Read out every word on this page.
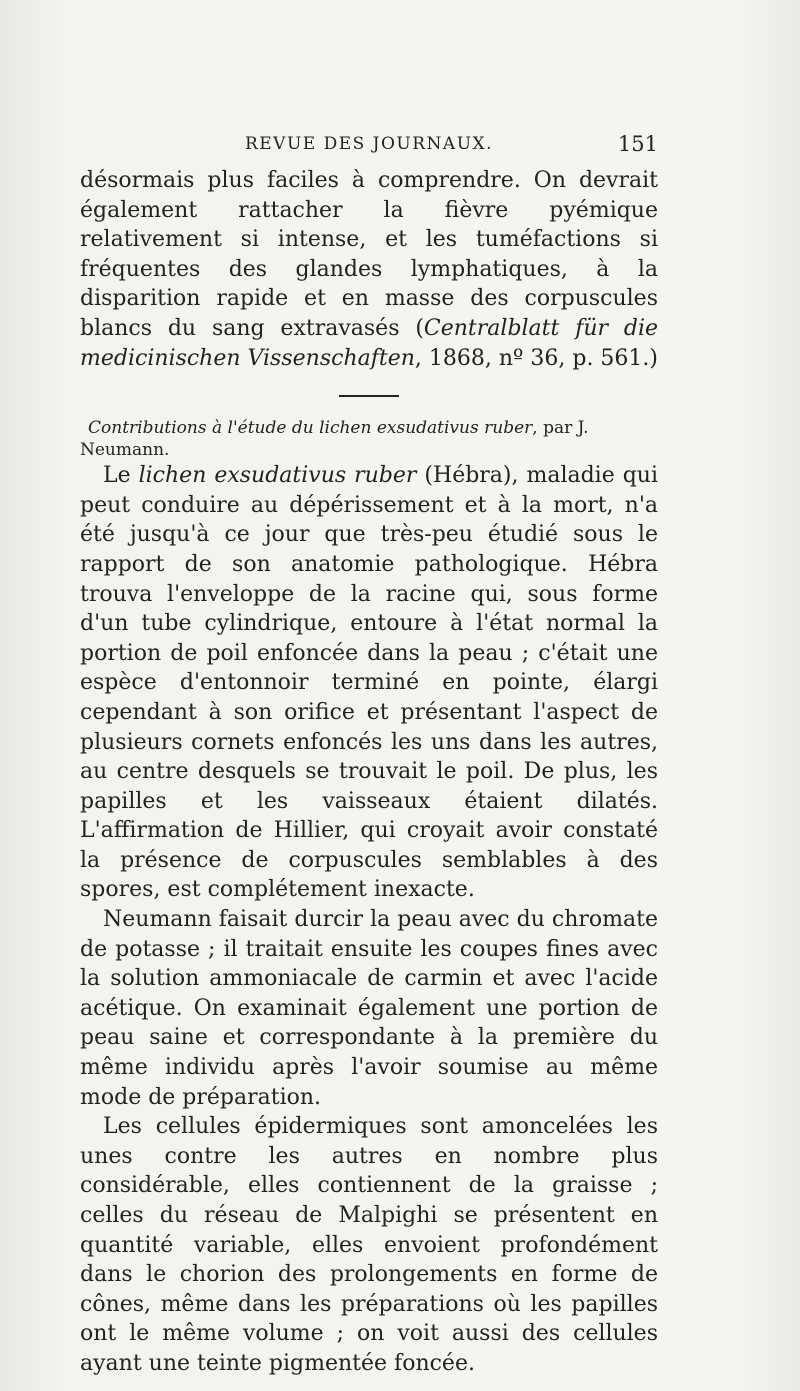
REVUE DES JOURNAUX.	151

désormais plus faciles à comprendre. On devrait également rattacher la fièvre pyémique relativement si intense, et les tuméfactions si fréquentes des glandes lymphatiques, à la disparition rapide et en masse des corpuscules blancs du sang extravasés (Centralblatt für die medicinischen Vissenschaften, 1868, nº 36, p. 561.)

Contributions à l'étude du lichen exsudativus ruber, par J. Neumann.

Le lichen exsudativus ruber (Hébra), maladie qui peut conduire au dépérissement et à la mort, n'a été jusqu'à ce jour que très-peu étudié sous le rapport de son anatomie pathologique. Hébra trouva l'enveloppe de la racine qui, sous forme d'un tube cylindrique, entoure à l'état normal la portion de poil enfoncée dans la peau ; c'était une espèce d'entonnoir terminé en pointe, élargi cependant à son orifice et présentant l'aspect de plusieurs cornets enfoncés les uns dans les autres, au centre desquels se trouvait le poil. De plus, les papilles et les vaisseaux étaient dilatés. L'affirmation de Hillier, qui croyait avoir constaté la présence de corpuscules semblables à des spores, est complétement inexacte.

Neumann faisait durcir la peau avec du chromate de potasse ; il traitait ensuite les coupes fines avec la solution ammoniacale de carmin et avec l'acide acétique. On examinait également une portion de peau saine et correspondante à la première du même individu après l'avoir soumise au même mode de préparation.

Les cellules épidermiques sont amoncelées les unes contre les autres en nombre plus considérable, elles contiennent de la graisse ; celles du réseau de Malpighi se présentent en quantité variable, elles envoient profondément dans le chorion des prolongements en forme de cônes, même dans les préparations où les papilles ont le même volume ; on voit aussi des cellules ayant une teinte pigmentée foncée.
